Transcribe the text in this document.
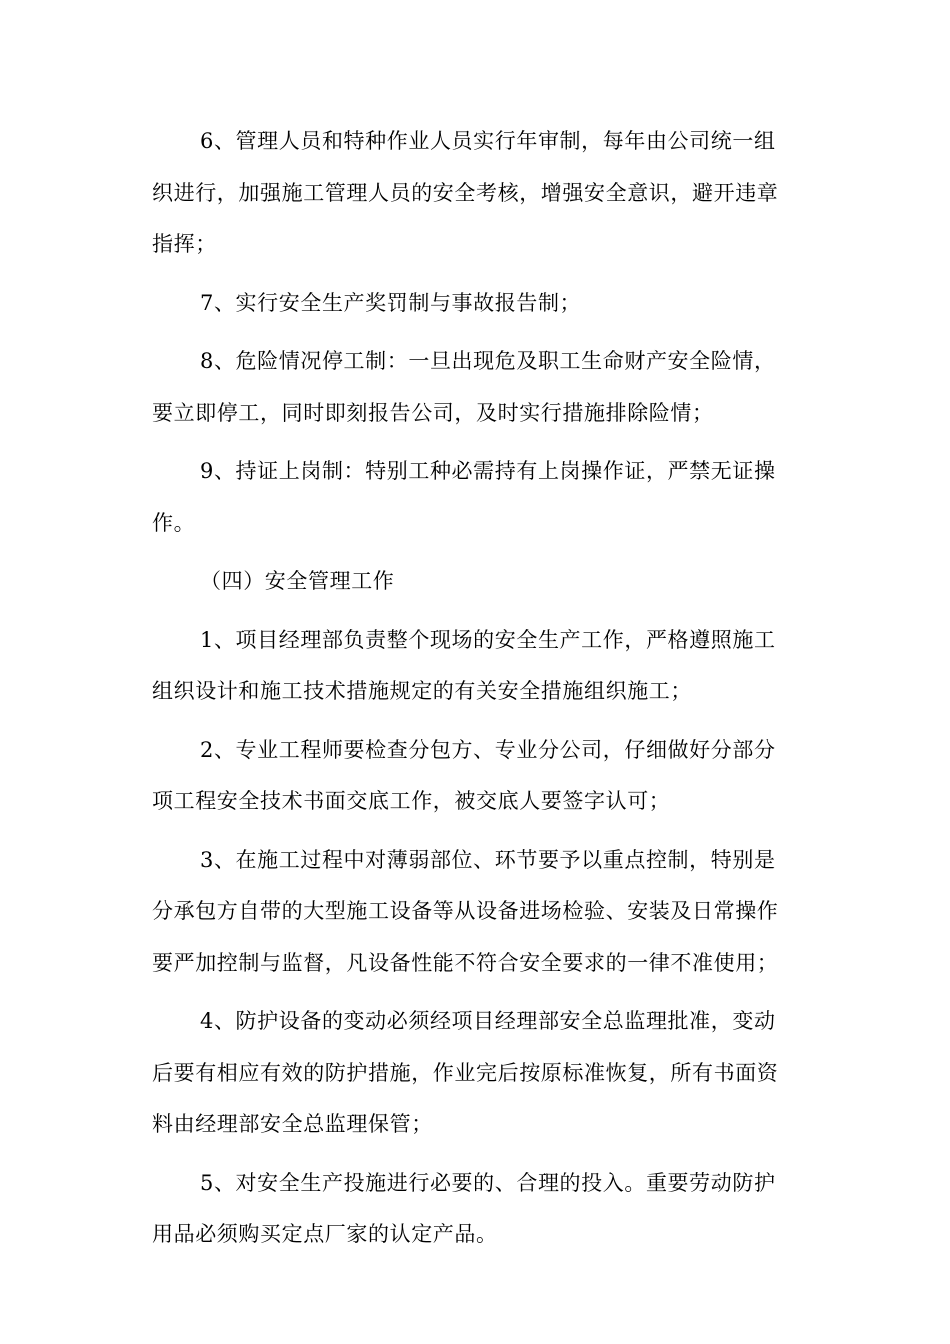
6、管理人员和特种作业人员实行年审制，每年由公司统一组
织进行，加强施工管理人员的安全考核，增强安全意识，避开违章
指挥；

7、实行安全生产奖罚制与事故报告制；

8、危险情况停工制：一旦出现危及职工生命财产安全险情，
要立即停工，同时即刻报告公司，及时实行措施排除险情；

9、持证上岗制：特别工种必需持有上岗操作证，严禁无证操
作。

（四）安全管理工作

1、项目经理部负责整个现场的安全生产工作，严格遵照施工
组织设计和施工技术措施规定的有关安全措施组织施工；

2、专业工程师要检查分包方、专业分公司，仔细做好分部分
项工程安全技术书面交底工作，被交底人要签字认可；

3、在施工过程中对薄弱部位、环节要予以重点控制，特别是
分承包方自带的大型施工设备等从设备进场检验、安装及日常操作
要严加控制与监督，凡设备性能不符合安全要求的一律不准使用；

4、防护设备的变动必须经项目经理部安全总监理批准，变动
后要有相应有效的防护措施，作业完后按原标准恢复，所有书面资
料由经理部安全总监理保管；

5、对安全生产投施进行必要的、合理的投入。重要劳动防护
用品必须购买定点厂家的认定产品。
